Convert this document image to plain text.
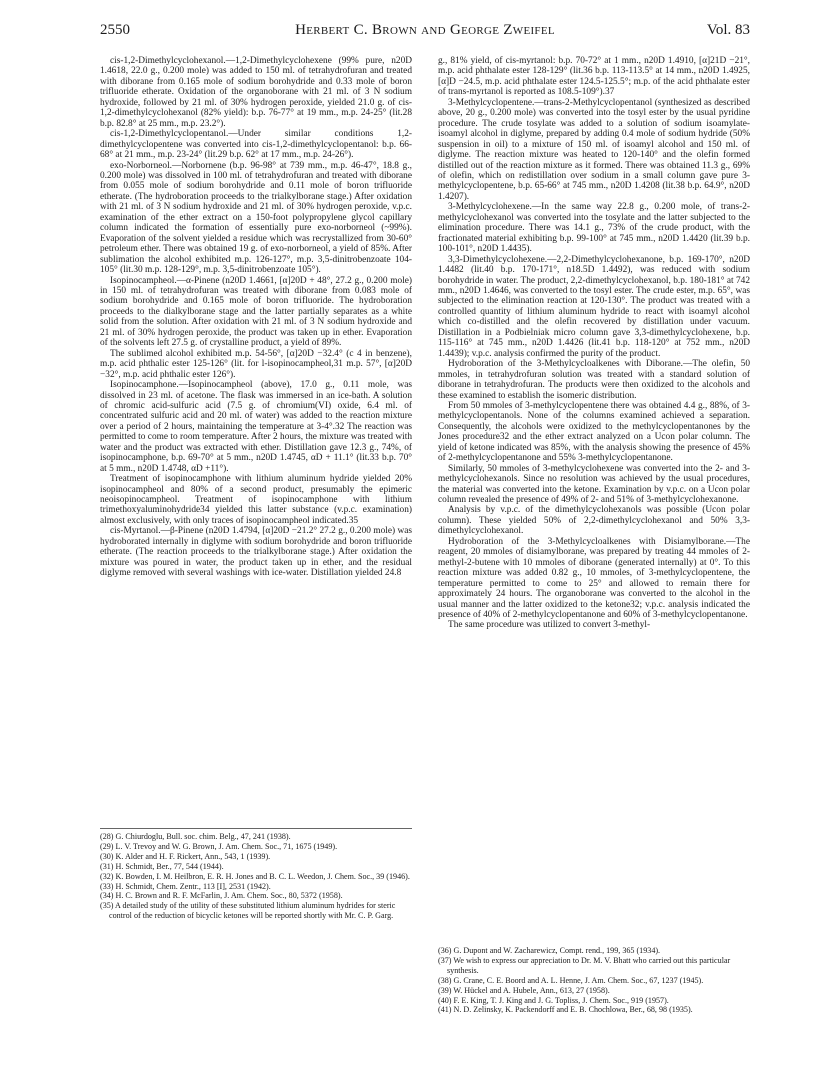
2550	Herbert C. Brown and George Zweifel	Vol. 83

cis-1,2-Dimethylcyclohexanol.—1,2-Dimethylcyclohexene (99% pure, n20D 1.4618, 22.0 g., 0.200 mole) was added to 150 ml. of tetrahydrofuran and treated with diborane from 0.165 mole of sodium borohydride and 0.33 mole of boron trifluoride etherate. Oxidation of the organoborane with 21 ml. of 3 N sodium hydroxide, followed by 21 ml. of 30% hydrogen peroxide, yielded 21.0 g. of cis-1,2-dimethylcyclohexanol (82% yield): b.p. 76-77° at 19 mm., m.p. 24-25° (lit.28 b.p. 82.8° at 25 mm., m.p. 23.2°).

cis-1,2-Dimethylcyclopentanol.—Under similar conditions 1,2-dimethylcyclopentene was converted into cis-1,2-dimethylcyclopentanol: b.p. 66-68° at 21 mm., m.p. 23-24° (lit.29 b.p. 62° at 17 mm., m.p. 24-26°).

exo-Norborneol.—Norbornene (b.p. 96-98° at 739 mm., m.p. 46-47°, 18.8 g., 0.200 mole) was dissolved in 100 ml. of tetrahydrofuran and treated with diborane from 0.055 mole of sodium borohydride and 0.11 mole of boron trifluoride etherate. (The hydroboration proceeds to the trialkylborane stage.) After oxidation with 21 ml. of 3 N sodium hydroxide and 21 ml. of 30% hydrogen peroxide, v.p.c. examination of the ether extract on a 150-foot polypropylene glycol capillary column indicated the formation of essentially pure exo-norborneol (~99%). Evaporation of the solvent yielded a residue which was recrystallized from 30-60° petroleum ether. There was obtained 19 g. of exo-norborneol, a yield of 85%. After sublimation the alcohol exhibited m.p. 126-127°, m.p. 3,5-dinitrobenzoate 104-105° (lit.30 m.p. 128-129°, m.p. 3,5-dinitrobenzoate 105°).

Isopinocampheol.—α-Pinene (n20D 1.4661, [α]20D + 48°, 27.2 g., 0.200 mole) in 150 ml. of tetrahydrofuran was treated with diborane from 0.083 mole of sodium borohydride and 0.165 mole of boron trifluoride. The hydroboration proceeds to the dialkylborane stage and the latter partially separates as a white solid from the solution. After oxidation with 21 ml. of 3 N sodium hydroxide and 21 ml. of 30% hydrogen peroxide, the product was taken up in ether. Evaporation of the solvents left 27.5 g. of crystalline product, a yield of 89%.

The sublimed alcohol exhibited m.p. 54-56°, [α]20D −32.4° (c 4 in benzene), m.p. acid phthalic ester 125-126° (lit. for l-isopinocampheol,31 m.p. 57°, [α]20D −32°, m.p. acid phthalic ester 126°).

Isopinocamphone.—Isopinocampheol (above), 17.0 g., 0.11 mole, was dissolved in 23 ml. of acetone. The flask was immersed in an ice-bath. A solution of chromic acid-sulfuric acid (7.5 g. of chromium(VI) oxide, 6.4 ml. of concentrated sulfuric acid and 20 ml. of water) was added to the reaction mixture over a period of 2 hours, maintaining the temperature at 3-4°.32 The reaction was permitted to come to room temperature. After 2 hours, the mixture was treated with water and the product was extracted with ether. Distillation gave 12.3 g., 74%, of isopinocamphone, b.p. 69-70° at 5 mm., n20D 1.4745, αD + 11.1° (lit.33 b.p. 70° at 5 mm., n20D 1.4748, αD +11°).

Treatment of isopinocamphone with lithium aluminum hydride yielded 20% isopinocampheol and 80% of a second product, presumably the epimeric neoisopinocampheol. Treatment of isopinocamphone with lithium trimethoxyaluminohydride34 yielded this latter substance (v.p.c. examination) almost exclusively, with only traces of isopinocampheol indicated.35

cis-Myrtanol.—β-Pinene (n20D 1.4794, [α]20D −21.2° 27.2 g., 0.200 mole) was hydroborated internally in diglyme with sodium borohydride and boron trifluoride etherate. (The reaction proceeds to the trialkylborane stage.) After oxidation the mixture was poured in water, the product taken up in ether, and the residual diglyme removed with several washings with ice-water. Distillation yielded 24.8

(28) G. Chiurdoglu, Bull. soc. chim. Belg., 47, 241 (1938).

(29) L. V. Trevoy and W. G. Brown, J. Am. Chem. Soc., 71, 1675 (1949).

(30) K. Alder and H. F. Rickert, Ann., 543, 1 (1939).

(31) H. Schmidt, Ber., 77, 544 (1944).

(32) K. Bowden, I. M. Heilbron, E. R. H. Jones and B. C. L. Weedon, J. Chem. Soc., 39 (1946).

(33) H. Schmidt, Chem. Zentr., 113 [I], 2531 (1942).

(34) H. C. Brown and R. F. McFarlin, J. Am. Chem. Soc., 80, 5372 (1958).

(35) A detailed study of the utility of these substituted lithium aluminum hydrides for steric control of the reduction of bicyclic ketones will be reported shortly with Mr. C. P. Garg.

g., 81% yield, of cis-myrtanol: b.p. 70-72° at 1 mm., n20D 1.4910, [α]21D −21°, m.p. acid phthalate ester 128-129° (lit.36 b.p. 113-113.5° at 14 mm., n20D 1.4925, [α]D −24.5, m.p. acid phthalate ester 124.5-125.5°; m.p. of the acid phthalate ester of trans-myrtanol is reported as 108.5-109°).37

3-Methylcyclopentene.—trans-2-Methylcyclopentanol (synthesized as described above, 20 g., 0.200 mole) was converted into the tosyl ester by the usual pyridine procedure. The crude tosylate was added to a solution of sodium isoamylate-isoamyl alcohol in diglyme, prepared by adding 0.4 mole of sodium hydride (50% suspension in oil) to a mixture of 150 ml. of isoamyl alcohol and 150 ml. of diglyme. The reaction mixture was heated to 120-140° and the olefin formed distilled out of the reaction mixture as it formed. There was obtained 11.3 g., 69% of olefin, which on redistillation over sodium in a small column gave pure 3-methylcyclopentene, b.p. 65-66° at 745 mm., n20D 1.4208 (lit.38 b.p. 64.9°, n20D 1.4207).

3-Methylcyclohexene.—In the same way 22.8 g., 0.200 mole, of trans-2-methylcyclohexanol was converted into the tosylate and the latter subjected to the elimination procedure. There was 14.1 g., 73% of the crude product, with the fractionated material exhibiting b.p. 99-100° at 745 mm., n20D 1.4420 (lit.39 b.p. 100-101°, n20D 1.4435).

3,3-Dimethylcyclohexene.—2,2-Dimethylcyclohexanone, b.p. 169-170°, n20D 1.4482 (lit.40 b.p. 170-171°, n18.5D 1.4492), was reduced with sodium borohydride in water. The product, 2,2-dimethylcyclohexanol, b.p. 180-181° at 742 mm., n20D 1.4646, was converted to the tosyl ester. The crude ester, m.p. 65°, was subjected to the elimination reaction at 120-130°. The product was treated with a controlled quantity of lithium aluminum hydride to react with isoamyl alcohol which co-distilled and the olefin recovered by distillation under vacuum. Distillation in a Podbielniak micro column gave 3,3-dimethylcyclohexene, b.p. 115-116° at 745 mm., n20D 1.4426 (lit.41 b.p. 118-120° at 752 mm., n20D 1.4439); v.p.c. analysis confirmed the purity of the product.

Hydroboration of the 3-Methylcycloalkenes with Diborane.—The olefin, 50 mmoles, in tetrahydrofuran solution was treated with a standard solution of diborane in tetrahydrofuran. The products were then oxidized to the alcohols and these examined to establish the isomeric distribution.

From 50 mmoles of 3-methylcyclopentene there was obtained 4.4 g., 88%, of 3-methylcyclopentanols. None of the columns examined achieved a separation. Consequently, the alcohols were oxidized to the methylcyclopentanones by the Jones procedure32 and the ether extract analyzed on a Ucon polar column. The yield of ketone indicated was 85%, with the analysis showing the presence of 45% of 2-methylcyclopentanone and 55% 3-methylcyclopentanone.

Similarly, 50 mmoles of 3-methylcyclohexene was converted into the 2- and 3-methylcyclohexanols. Since no resolution was achieved by the usual procedures, the material was converted into the ketone. Examination by v.p.c. on a Ucon polar column revealed the presence of 49% of 2- and 51% of 3-methylcyclohexanone.

Analysis by v.p.c. of the dimethylcyclohexanols was possible (Ucon polar column). These yielded 50% of 2,2-dimethylcyclohexanol and 50% 3,3-dimethylcyclohexanol.

Hydroboration of the 3-Methylcycloalkenes with Disiamylborane.—The reagent, 20 mmoles of disiamylborane, was prepared by treating 44 mmoles of 2-methyl-2-butene with 10 mmoles of diborane (generated internally) at 0°. To this reaction mixture was added 0.82 g., 10 mmoles, of 3-methylcyclopentene, the temperature permitted to come to 25° and allowed to remain there for approximately 24 hours. The organoborane was converted to the alcohol in the usual manner and the latter oxidized to the ketone32; v.p.c. analysis indicated the presence of 40% of 2-methylcyclopentanone and 60% of 3-methylcyclopentanone.

The same procedure was utilized to convert 3-methyl-

(36) G. Dupont and W. Zacharewicz, Compt. rend., 199, 365 (1934).

(37) We wish to express our appreciation to Dr. M. V. Bhatt who carried out this particular synthesis.

(38) G. Crane, C. E. Boord and A. L. Henne, J. Am. Chem. Soc., 67, 1237 (1945).

(39) W. Hückel and A. Hubele, Ann., 613, 27 (1958).

(40) F. E. King, T. J. King and J. G. Topliss, J. Chem. Soc., 919 (1957).

(41) N. D. Zelinsky, K. Packendorff and E. B. Chochlowa, Ber., 68, 98 (1935).
